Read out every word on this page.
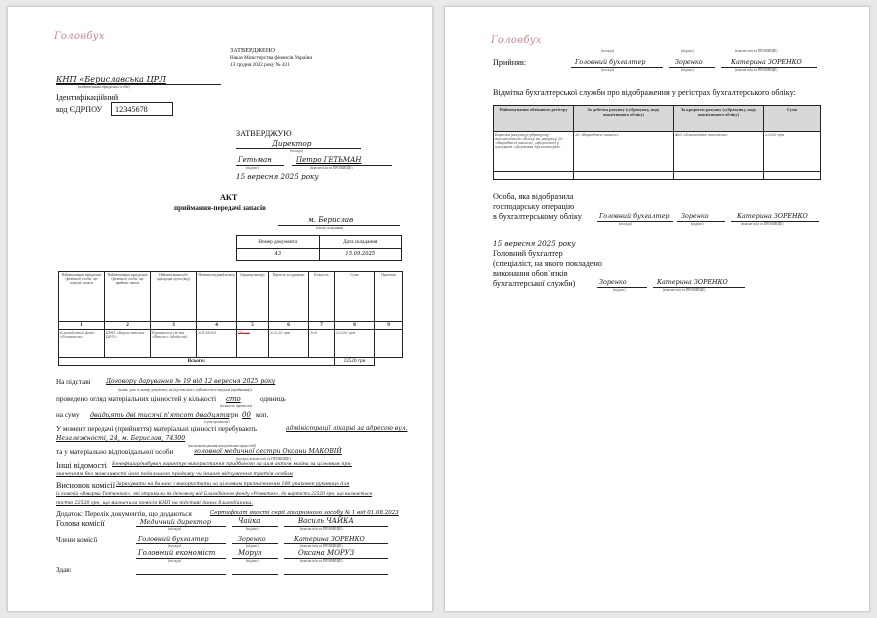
Головбух
ЗАТВЕРДЖЕНО
Наказ Міністерства фінансів України
13 грудня 2022 року № 431
КНП «Бериславська ЦРЛ
(найменування юридичної особи)
Ідентифікаційний
код ЄДРПОУ 12345678
ЗАТВЕРДЖУЮ
Директор
(посада)
Гетьман	Петро ГЕТЬМАН
(підпис)	(власне ім'я та ПРІЗВИЩЕ)
15 вересня 2025 року
АКТ
приймання-передачі запасів
м. Берислав
(місце складання)
Номер документа	Дата складання
43	15.09.2025
Найменування юридичної (фізичної) особи, що передає запаси	Найменування юридичної (фізичної) особи, що приймає запаси	Найменування або однорідна група (вид)	Номенклатурний номер	Одиниця виміру	Вартість за одиницю	Кількість	Сума	Примітки
1	2	3	4	5	6	7	8	9
Благодійний фонд «Розвиток»	КНП «Бериславська ЦРЛ»	Рукавички (м'які «Вінекс» Медичні)	20135003	Штук	225,20 грн	100	22520 грн	
Всього:							22520 грн	
На підставі Договору дарування № 19 від 12 вересня 2025 року
(назва, дата та номер документа, на підставі якого здійснюється передача (приймання))
проведено огляд матеріальних цінностей у кількості сто	одиниць
(кількість прописом)
на суму двадцять дві тисячі п'ятсот двадцять
грн 00 коп.
(сума прописом)
У момент передачі (прийняття) матеріальні цінності перебувають	адміністрації лікарні за адресою вул.
Незалежності, 24, м. Берислав, 74300
(місцезнаходження матеріальних цінностей)
та у матеріально відповідальної особи	головної медичної сестри Оксани МАКОВІЙ
(посада, власне ім'я та ПРІЗВИЩЕ)
Інші відомості Бенефіціар/набувач гарантує використання придбаного за цим актом майна за цільовим при-
значенням без можливості його подальшого продажу чи іншого відчуження третім особам
Висновок комісії Зарахувати на баланс і використати за цільовим призначенням 100 упаковок рукавиць для
їх кожній «Віварма-Тютюнник», які отримали як допомогу від Благодійного фонду «Розвиток», до вартість 22520 грн, що визнається
тістю 22520 грн, що визначила комісія КНП на підставі даних благодійника.
Додаток: Перелік документів, що додаються	Сертифікат якості серії лікарняного засобу № 1 від 01.08.2023
Голова комісії	Медичний директор	Чайка	Василь ЧАЙКА
(посада)	(підпис)	(власне ім'я та ПРІЗВИЩЕ)
Члени комісії	Головний бухгалтер	Зоренко	Катерина ЗОРЕНКО
(посада)	(підпис)	(власне ім'я та ПРІЗВИЩЕ)
Головний економіст	Моруз	Оксана МОРУЗ
(посада)	(підпис)	(власне ім'я та ПРІЗВИЩЕ)
Здав:
Головбух
(посада)	(підпис)	(власне ім'я та ПРІЗВИЩЕ)
Прийняв:	Головний бухгалтер	Зоренко	Катерина ЗОРЕНКО
(посада)	(підпис)	(власне ім'я та ПРІЗВИЩЕ)
Відмітка бухгалтерської служби про відображення у регістрах бухгалтерського обліку:
Найменування облікового регістру	За дебетом рахунку (субрахунку, коду аналітичного обліку)	За кредитом рахунку (субрахунку, коду аналітичного обліку)	Сума
Картка рахунку/субрахунку аналітичного обліку по рахунку 20 «Виробничі запаси», оформлені у програмі «Держава бухгалтерія»	20 «Виробничі запаси»	483 «Благодійна допомога»	22520 грн

Особа, яка відобразила
господарську операцію
в бухгалтерському обліку	Головний бухгалтер Зоренко	Катерина ЗОРЕНКО
(посада)	(підпис)	(власне ім'я та ПРІЗВИЩЕ)
15 вересня 2025 року
Головний бухгалтер
(спеціаліст, на якого покладено
виконання обов`язків
бухгалтерської служби)	Зоренко	Катерина ЗОРЕНКО
(підпис)	(власне ім'я та ПРІЗВИЩЕ)
